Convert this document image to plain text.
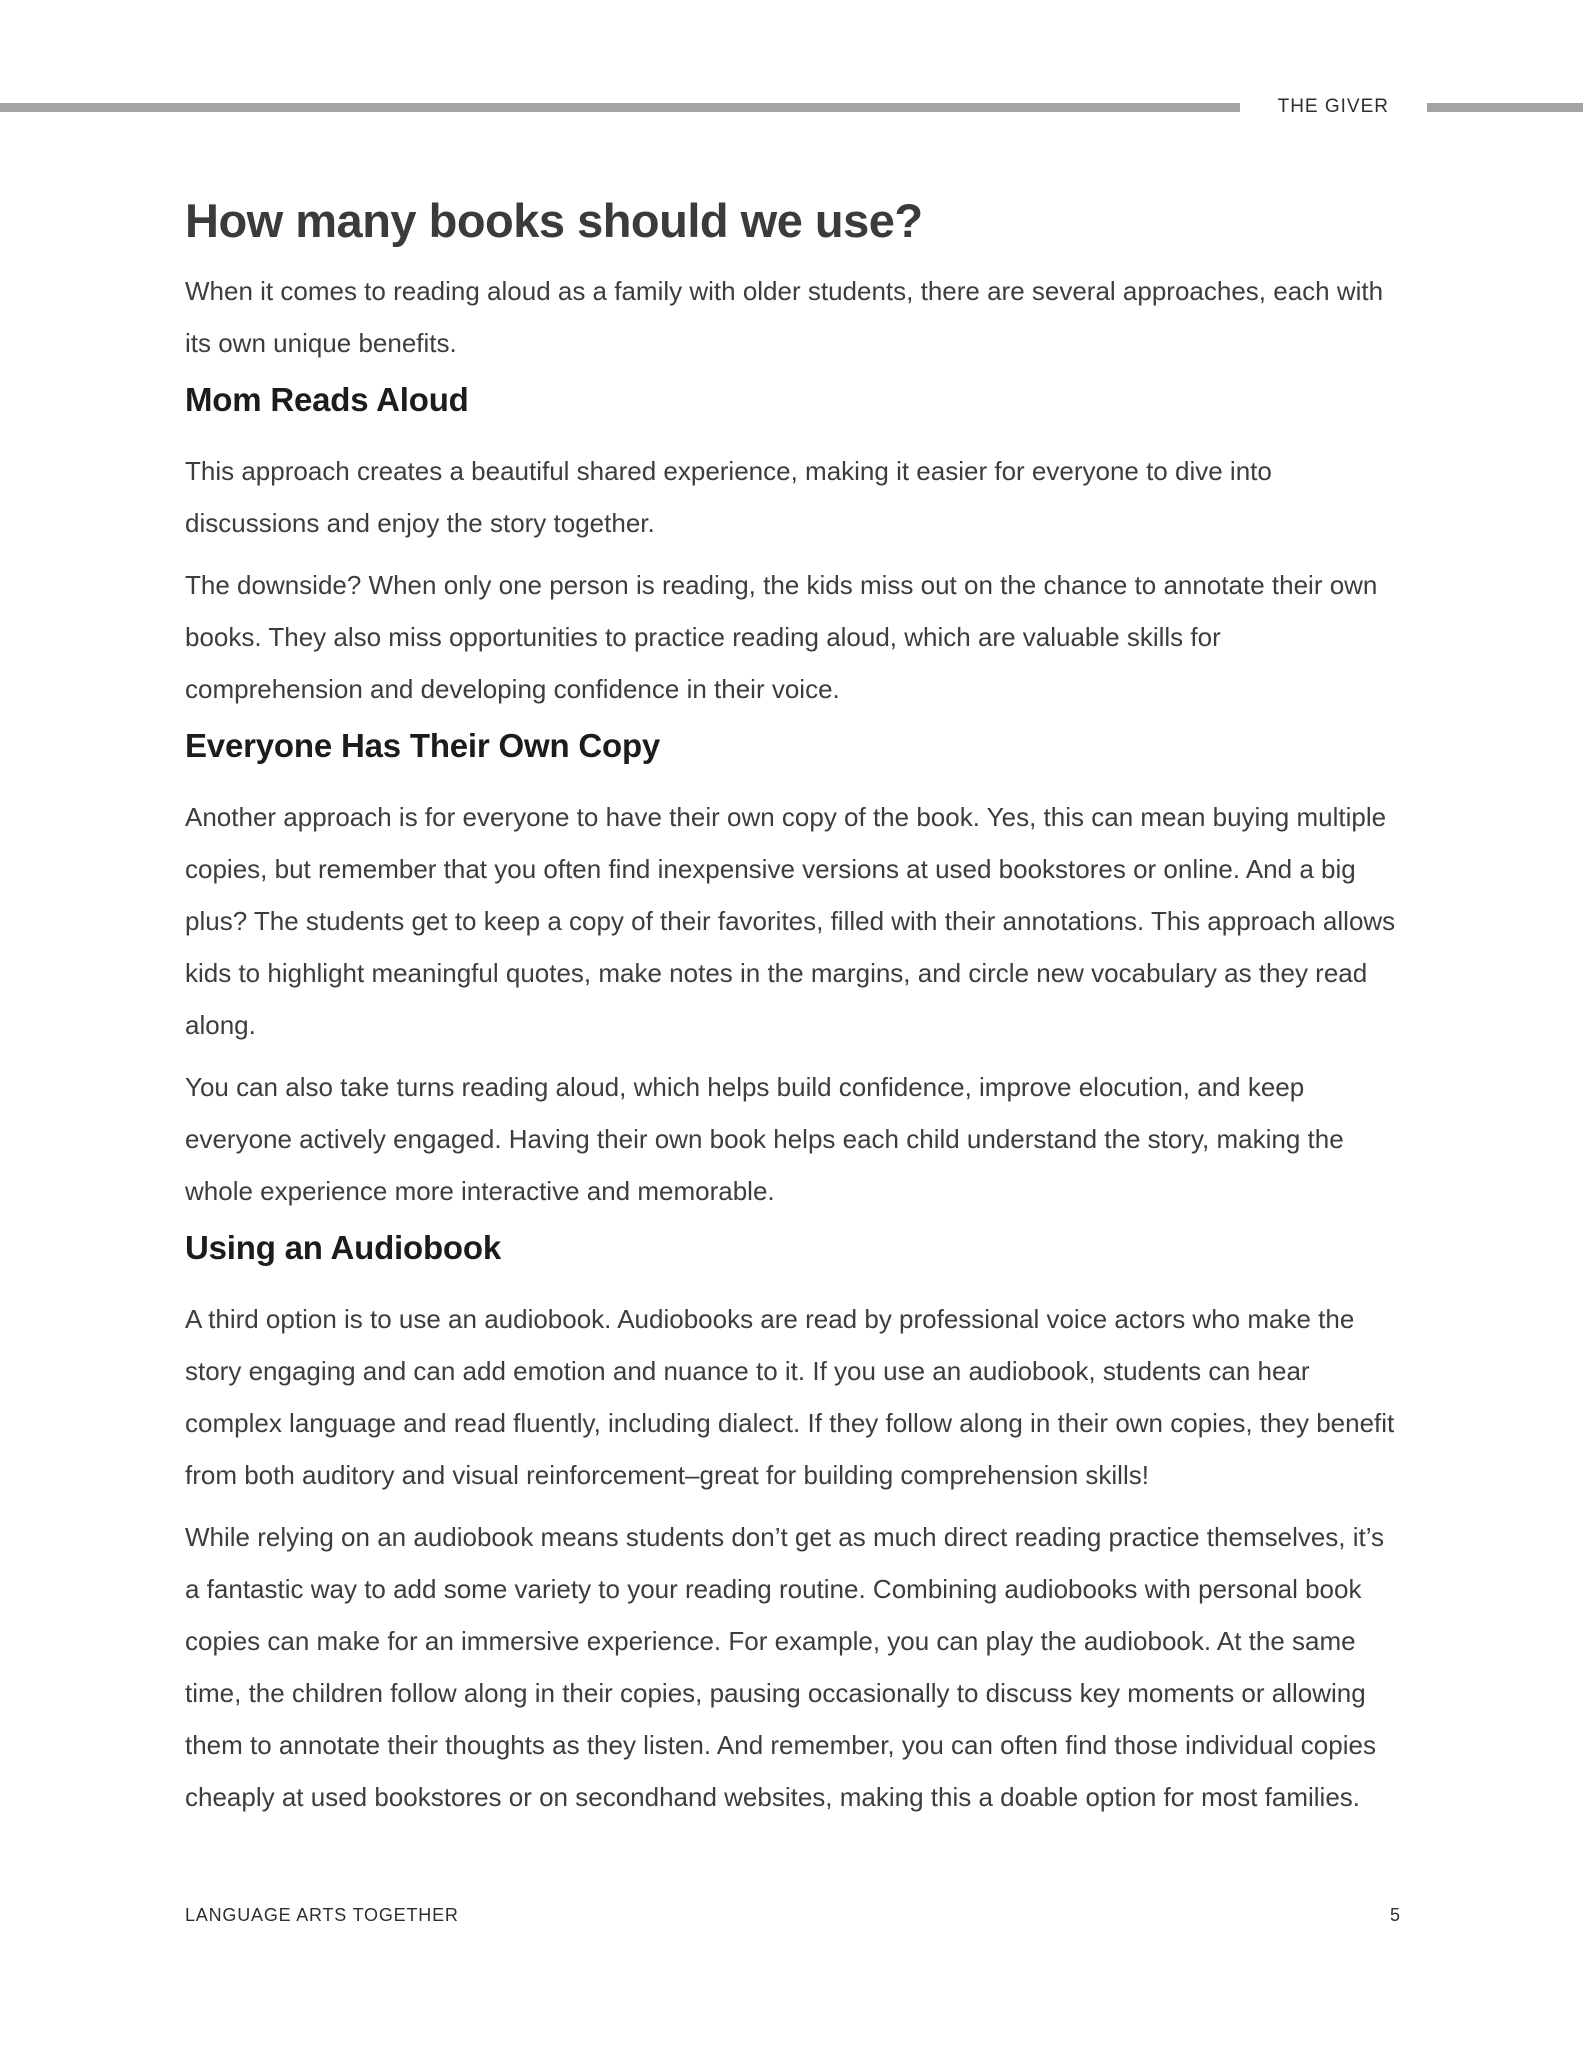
THE GIVER
How many books should we use?

When it comes to reading aloud as a family with older students, there are several approaches, each with its own unique benefits.

Mom Reads Aloud

This approach creates a beautiful shared experience, making it easier for everyone to dive into discussions and enjoy the story together.

The downside? When only one person is reading, the kids miss out on the chance to annotate their own books. They also miss opportunities to practice reading aloud, which are valuable skills for comprehension and developing confidence in their voice.

Everyone Has Their Own Copy

Another approach is for everyone to have their own copy of the book. Yes, this can mean buying multiple copies, but remember that you often find inexpensive versions at used bookstores or online. And a big plus? The students get to keep a copy of their favorites, filled with their annotations. This approach allows kids to highlight meaningful quotes, make notes in the margins, and circle new vocabulary as they read along.

You can also take turns reading aloud, which helps build confidence, improve elocution, and keep everyone actively engaged. Having their own book helps each child understand the story, making the whole experience more interactive and memorable.

Using an Audiobook

A third option is to use an audiobook. Audiobooks are read by professional voice actors who make the story engaging and can add emotion and nuance to it. If you use an audiobook, students can hear complex language and read fluently, including dialect. If they follow along in their own copies, they benefit from both auditory and visual reinforcement–great for building comprehension skills!

While relying on an audiobook means students don’t get as much direct reading practice themselves, it’s a fantastic way to add some variety to your reading routine. Combining audiobooks with personal book copies can make for an immersive experience. For example, you can play the audiobook. At the same time, the children follow along in their copies, pausing occasionally to discuss key moments or allowing them to annotate their thoughts as they listen. And remember, you can often find those individual copies cheaply at used bookstores or on secondhand websites, making this a doable option for most families.

LANGUAGE ARTS TOGETHER	5
